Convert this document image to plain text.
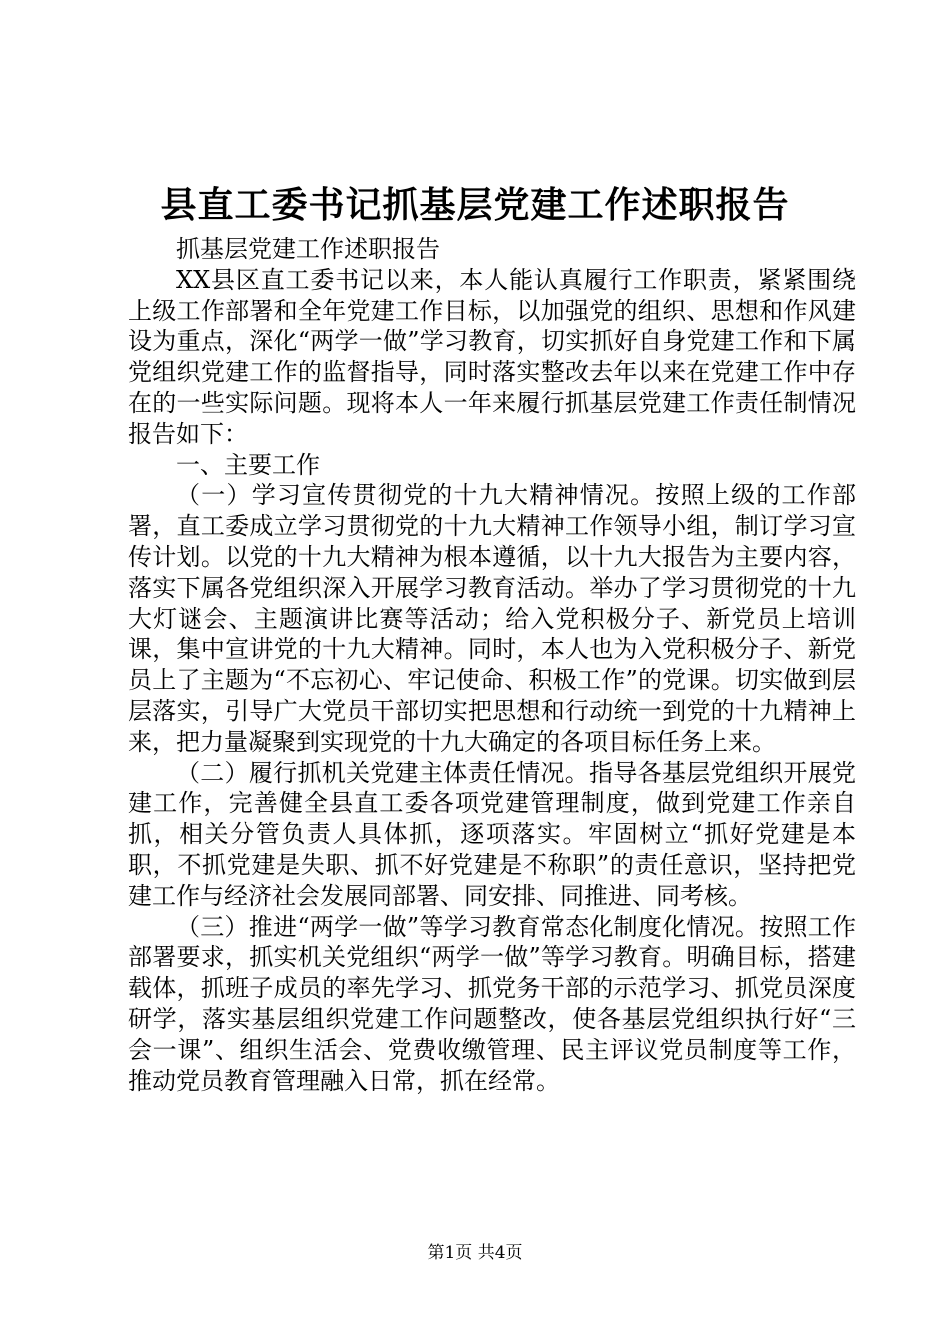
县直工委书记抓基层党建工作述职报告

抓基层党建工作述职报告

XX县区直工委书记以来，本人能认真履行工作职责，紧紧围绕上级工作部署和全年党建工作目标，以加强党的组织、思想和作风建设为重点，深化“两学一做”学习教育，切实抓好自身党建工作和下属党组织党建工作的监督指导，同时落实整改去年以来在党建工作中存在的一些实际问题。现将本人一年来履行抓基层党建工作责任制情况报告如下：

一、主要工作

（一）学习宣传贯彻党的十九大精神情况。按照上级的工作部署，直工委成立学习贯彻党的十九大精神工作领导小组，制订学习宣传计划。以党的十九大精神为根本遵循，以十九大报告为主要内容，落实下属各党组织深入开展学习教育活动。举办了学习贯彻党的十九大灯谜会、主题演讲比赛等活动；给入党积极分子、新党员上培训课，集中宣讲党的十九大精神。同时，本人也为入党积极分子、新党员上了主题为“不忘初心、牢记使命、积极工作”的党课。切实做到层层落实，引导广大党员干部切实把思想和行动统一到党的十九精神上来，把力量凝聚到实现党的十九大确定的各项目标任务上来。

（二）履行抓机关党建主体责任情况。指导各基层党组织开展党建工作，完善健全县直工委各项党建管理制度，做到党建工作亲自抓，相关分管负责人具体抓，逐项落实。牢固树立“抓好党建是本职，不抓党建是失职、抓不好党建是不称职”的责任意识，坚持把党建工作与经济社会发展同部署、同安排、同推进、同考核。

（三）推进“两学一做”等学习教育常态化制度化情况。按照工作部署要求，抓实机关党组织“两学一做”等学习教育。明确目标，搭建载体，抓班子成员的率先学习、抓党务干部的示范学习、抓党员深度研学，落实基层组织党建工作问题整改，使各基层党组织执行好“三会一课”、组织生活会、党费收缴管理、民主评议党员制度等工作，推动党员教育管理融入日常，抓在经常。

第1页 共4页
